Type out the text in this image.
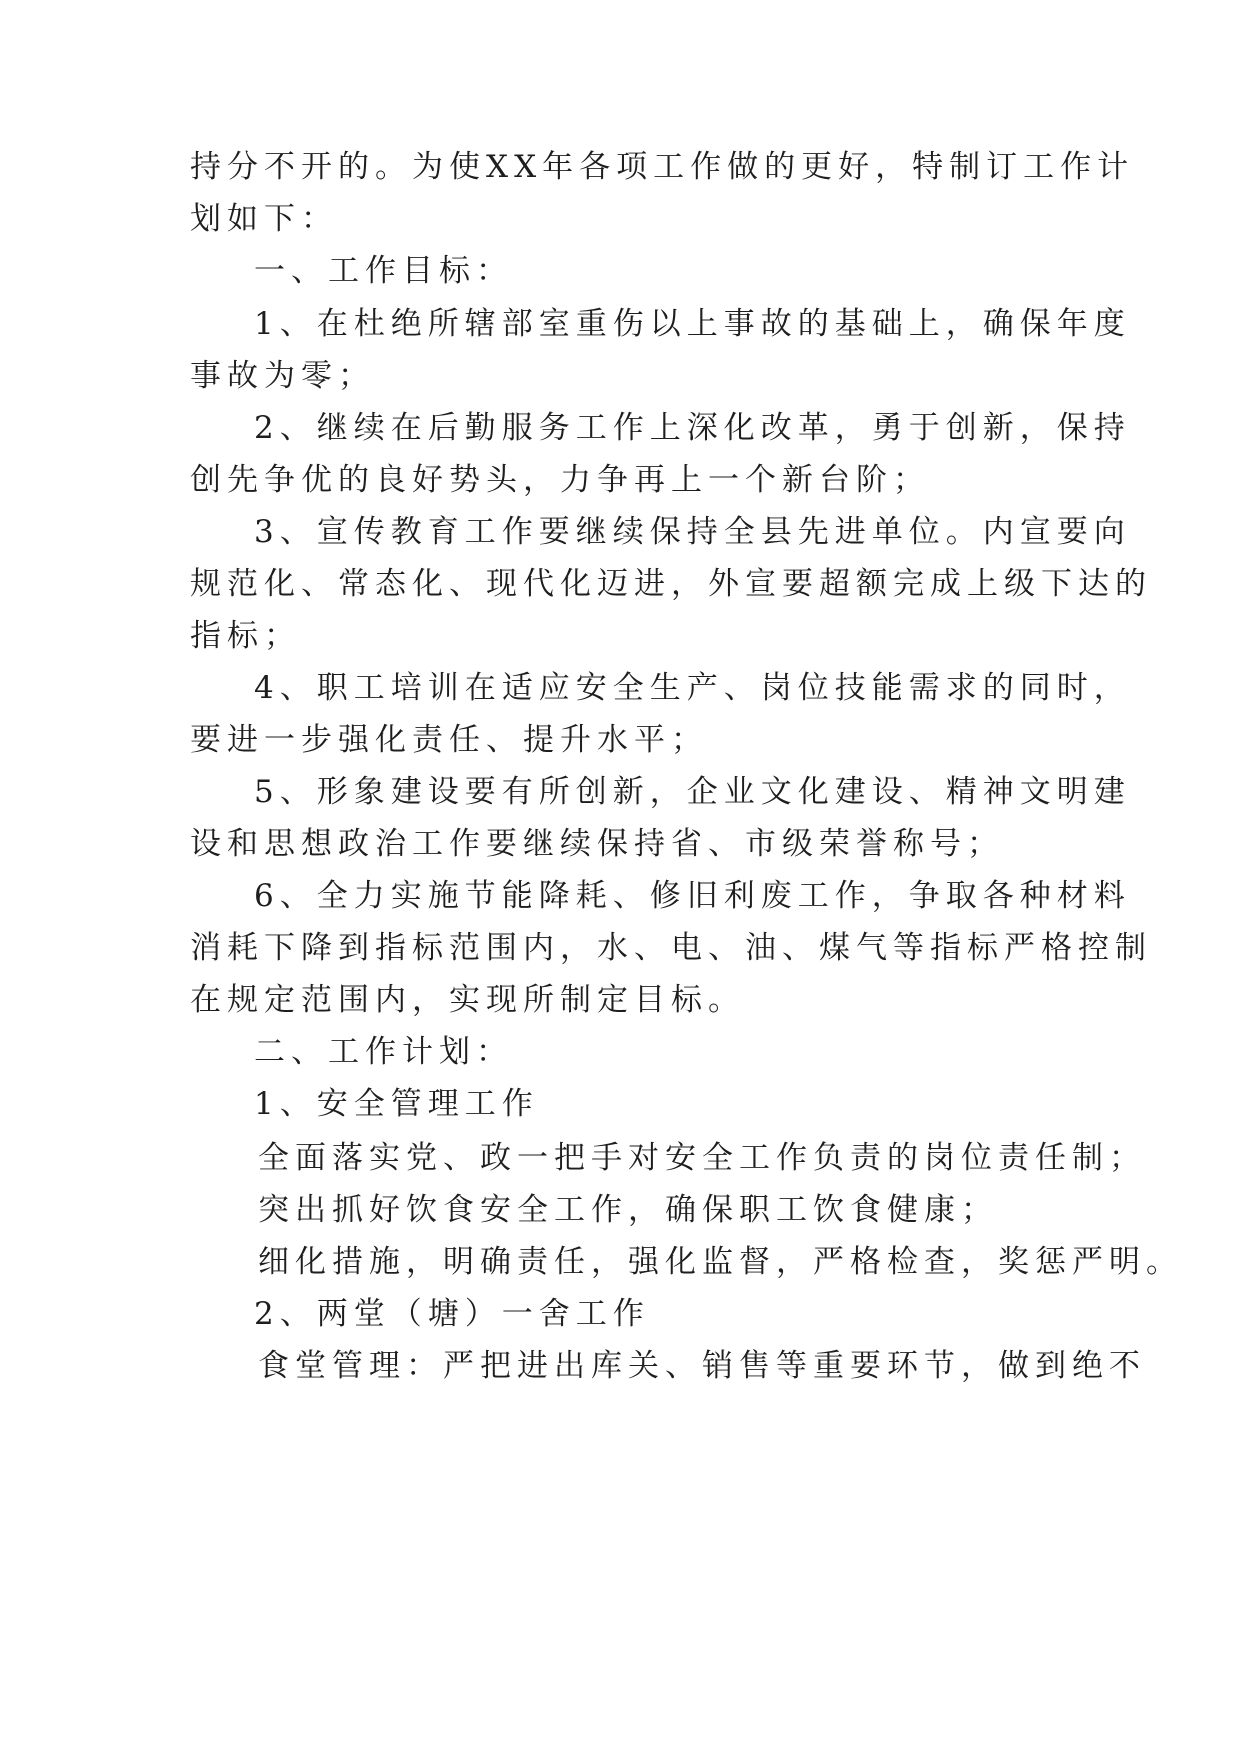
持分不开的。为使XX年各项工作做的更好，特制订工作计

划如下：

一、工作目标：

1、在杜绝所辖部室重伤以上事故的基础上，确保年度

事故为零；

2、继续在后勤服务工作上深化改革，勇于创新，保持

创先争优的良好势头，力争再上一个新台阶；

3、宣传教育工作要继续保持全县先进单位。内宣要向

规范化、常态化、现代化迈进，外宣要超额完成上级下达的

指标；

4、职工培训在适应安全生产、岗位技能需求的同时，

要进一步强化责任、提升水平；

5、形象建设要有所创新，企业文化建设、精神文明建

设和思想政治工作要继续保持省、市级荣誉称号；

6、全力实施节能降耗、修旧利废工作，争取各种材料

消耗下降到指标范围内，水、电、油、煤气等指标严格控制

在规定范围内，实现所制定目标。

二、工作计划：

1、安全管理工作

全面落实党、政一把手对安全工作负责的岗位责任制；

突出抓好饮食安全工作，确保职工饮食健康；

细化措施，明确责任，强化监督，严格检查，奖惩严明。

2、两堂（塘）一舍工作

食堂管理：严把进出库关、销售等重要环节，做到绝不
